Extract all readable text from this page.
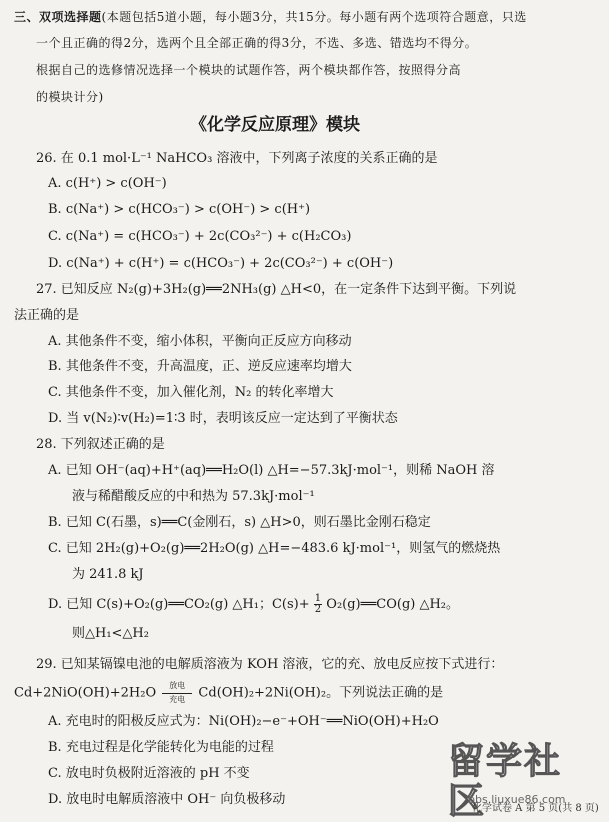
三、双项选择题(本题包括5道小题，每小题3分，共15分。每小题有两个选项符合题意，只选
一个且正确的得2分，选两个且全部正确的得3分，不选、多选、错选均不得分。
根据自己的选修情况选择一个模块的试题作答，两个模块都作答，按照得分高
的模块计分)
《化学反应原理》模块
26. 在 0.1 mol·L⁻¹ NaHCO₃ 溶液中，下列离子浓度的关系正确的是
A. c(H⁺) > c(OH⁻)
B. c(Na⁺) > c(HCO₃⁻) > c(OH⁻) > c(H⁺)
C. c(Na⁺) = c(HCO₃⁻) + 2c(CO₃²⁻) + c(H₂CO₃)
D. c(Na⁺) + c(H⁺) = c(HCO₃⁻) + 2c(CO₃²⁻) + c(OH⁻)
27. 已知反应 N₂(g)+3H₂(g)══2NH₃(g) △H<0，在一定条件下达到平衡。下列说
法正确的是
A. 其他条件不变，缩小体积，平衡向正反应方向移动
B. 其他条件不变，升高温度，正、逆反应速率均增大
C. 其他条件不变，加入催化剂，N₂ 的转化率增大
D. 当 v(N₂)∶v(H₂)=1∶3 时，表明该反应一定达到了平衡状态
28. 下列叙述正确的是
A. 已知 OH⁻(aq)+H⁺(aq)══H₂O(l) △H=−57.3kJ·mol⁻¹，则稀 NaOH 溶
液与稀醋酸反应的中和热为 57.3kJ·mol⁻¹
B. 已知 C(石墨，s)══C(金刚石，s) △H>0，则石墨比金刚石稳定
C. 已知 2H₂(g)+O₂(g)══2H₂O(g) △H=−483.6 kJ·mol⁻¹，则氢气的燃烧热
为 241.8 kJ
D. 已知 C(s)+O₂(g)══CO₂(g) △H₁；$C(s)+ \frac{1}{2}$ O₂(g)══CO(g) △H₂。
则△H₁<△H₂
29. 已知某镉镍电池的电解质溶液为 KOH 溶液，它的充、放电反应按下式进行：
Cd+2NiO(OH)+2H₂O	放电
充电	Cd(OH)₂+2Ni(OH)₂。下列说法正确的是
A. 充电时的阳极反应式为：Ni(OH)₂−e⁻+OH⁻══NiO(OH)+H₂O
B. 充电过程是化学能转化为电能的过程
C. 放电时负极附近溶液的 pH 不变
D. 放电时电解质溶液中 OH⁻ 向负极移动
留学社区
bbs.liuxue86.com
化学试卷 A 第 5 页(共 8 页)
